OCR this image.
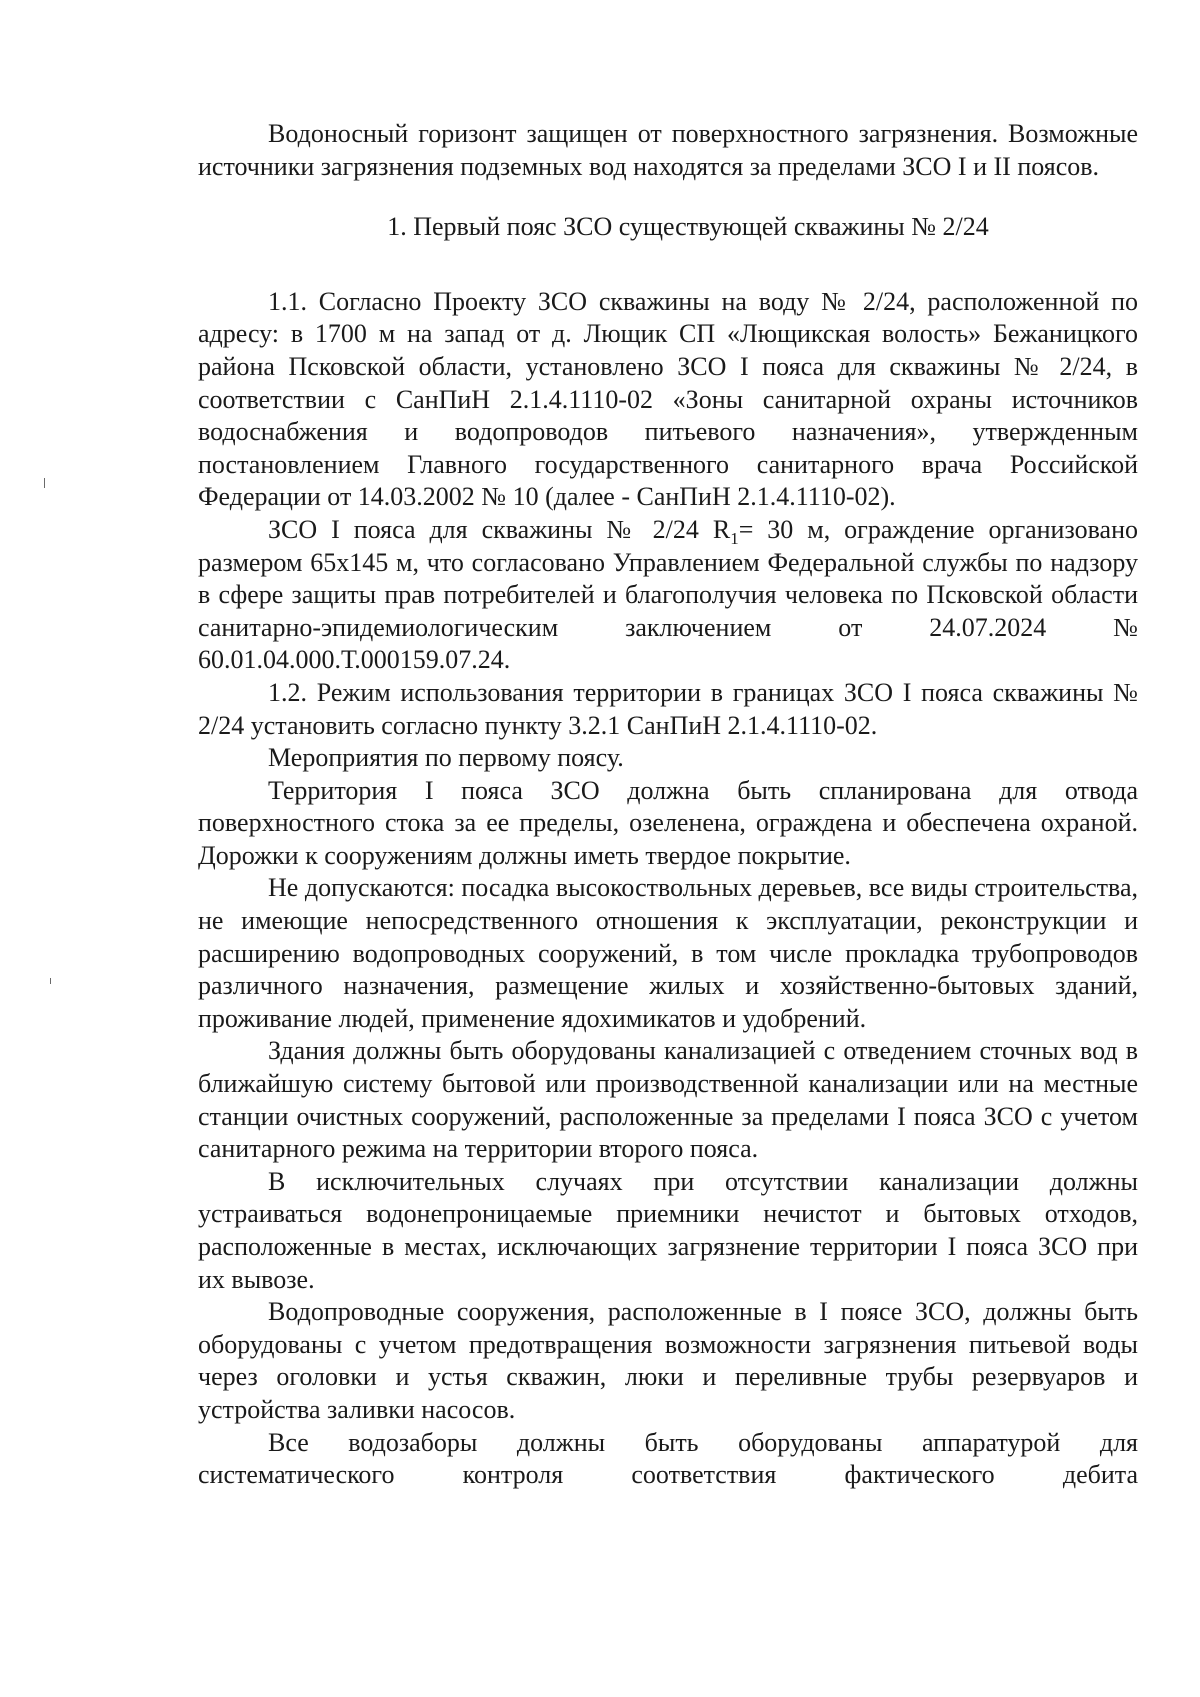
Водоносный горизонт защищен от поверхностного загрязнения. Возможные источники загрязнения подземных вод находятся за пределами ЗСО I и II поясов.

1. Первый пояс ЗСО существующей скважины № 2/24

1.1. Согласно Проекту ЗСО скважины на воду № 2/24, расположенной по адресу: в 1700 м на запад от д. Лющик СП «Лющикская волость» Бежаницкого района Псковской области, установлено ЗСО I пояса для скважины № 2/24, в соответствии с СанПиН 2.1.4.1110-02 «Зоны санитарной охраны источников водоснабжения и водопроводов питьевого назначения», утвержденным постановлением Главного государственного санитарного врача Российской Федерации от 14.03.2002 № 10 (далее - СанПиН 2.1.4.1110-02).

ЗСО I пояса для скважины № 2/24 $R_1= 30$ м, ограждение организовано размером 65x145 м, что согласовано Управлением Федеральной службы по надзору в сфере защиты прав потребителей и благополучия человека по Псковской области санитарно-эпидемиологическим заключением от 24.07.2024 № 60.01.04.000.Т.000159.07.24.

1.2. Режим использования территории в границах ЗСО I пояса скважины № 2/24 установить согласно пункту 3.2.1 СанПиН 2.1.4.1110-02.

Мероприятия по первому поясу.

Территория I пояса ЗСО должна быть спланирована для отвода поверхностного стока за ее пределы, озеленена, ограждена и обеспечена охраной. Дорожки к сооружениям должны иметь твердое покрытие.

Не допускаются: посадка высокоствольных деревьев, все виды строительства, не имеющие непосредственного отношения к эксплуатации, реконструкции и расширению водопроводных сооружений, в том числе прокладка трубопроводов различного назначения, размещение жилых и хозяйственно-бытовых зданий, проживание людей, применение ядохимикатов и удобрений.

Здания должны быть оборудованы канализацией с отведением сточных вод в ближайшую систему бытовой или производственной канализации или на местные станции очистных сооружений, расположенные за пределами I пояса ЗСО с учетом санитарного режима на территории второго пояса.

В исключительных случаях при отсутствии канализации должны устраиваться водонепроницаемые приемники нечистот и бытовых отходов, расположенные в местах, исключающих загрязнение территории I пояса ЗСО при их вывозе.

Водопроводные сооружения, расположенные в I поясе ЗСО, должны быть оборудованы с учетом предотвращения возможности загрязнения питьевой воды через оголовки и устья скважин, люки и переливные трубы резервуаров и устройства заливки насосов.

Все водозаборы должны быть оборудованы аппаратурой для систематического контроля соответствия фактического дебита
